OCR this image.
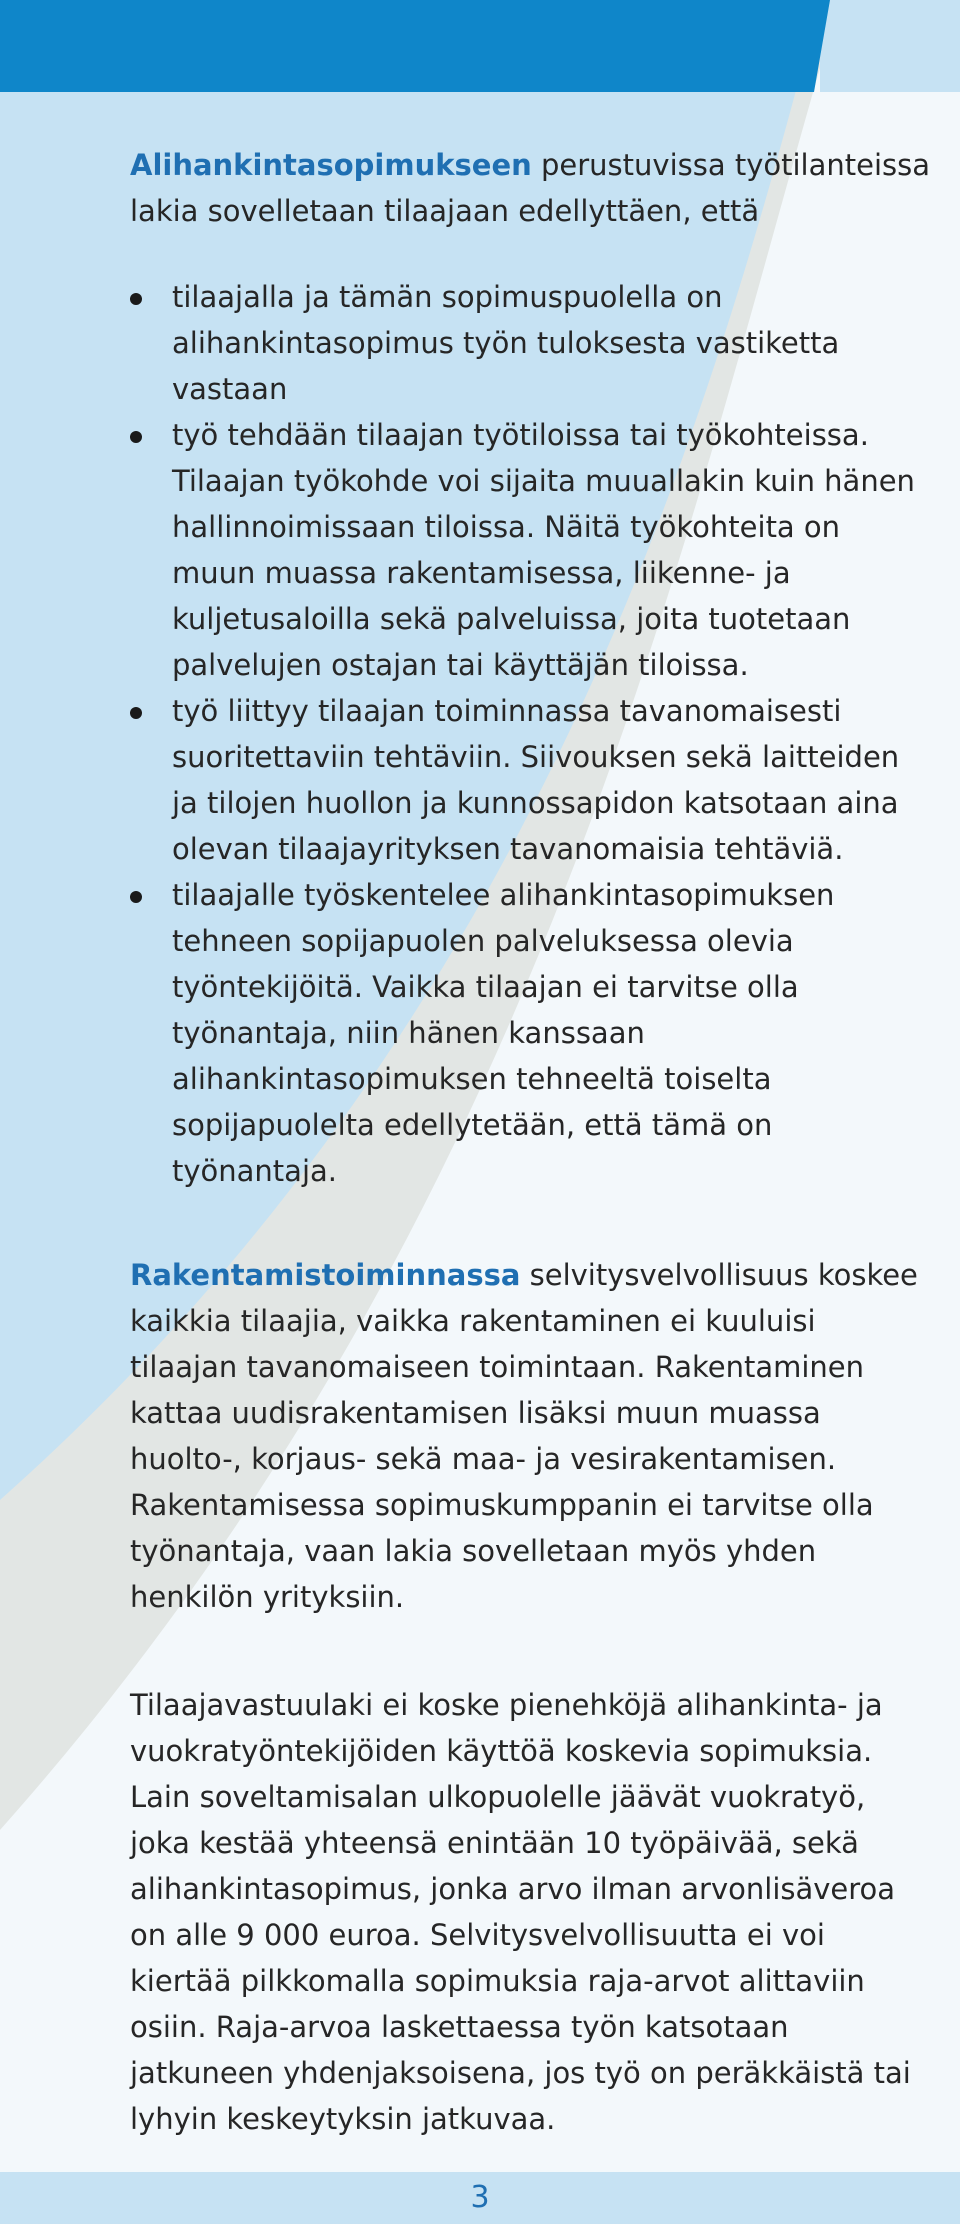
Alihankintasopimukseen perustuvissa työtilanteissa lakia sovelletaan tilaajaan edellyttäen, että

tilaajalla ja tämän sopimuspuolella on alihankintasopimus työn tuloksesta vastiketta vastaan
työ tehdään tilaajan työtiloissa tai työkohteissa. Tilaajan työkohde voi sijaita muuallakin kuin hänen hallinnoimissaan tiloissa. Näitä työkohteita on muun muassa rakentamisessa, liikenne- ja kuljetusaloilla sekä palveluissa, joita tuotetaan palvelujen ostajan tai käyttäjän tiloissa.
työ liittyy tilaajan toiminnassa tavanomaisesti suoritettaviin tehtäviin. Siivouksen sekä laitteiden ja tilojen huollon ja kunnossapidon katsotaan aina olevan tilaajayrityksen tavanomaisia tehtäviä.
tilaajalle työskentelee alihankintasopimuksen tehneen sopijapuolen palveluksessa olevia työntekijöitä. Vaikka tilaajan ei tarvitse olla työnantaja, niin hänen kanssaan alihankintasopimuksen tehneeltä toiselta sopijapuolelta edellytetään, että tämä on työnantaja.

Rakentamistoiminnassa selvitysvelvollisuus koskee kaikkia tilaajia, vaikka rakentaminen ei kuuluisi tilaajan tavanomaiseen toimintaan. Rakentaminen kattaa uudisrakentamisen lisäksi muun muassa huolto-, korjaus- sekä maa- ja vesirakentamisen. Rakentamisessa sopimuskumppanin ei tarvitse olla työnantaja, vaan lakia sovelletaan myös yhden henkilön yrityksiin.

Tilaajavastuulaki ei koske pienehköjä alihankinta- ja vuokratyöntekijöiden käyttöä koskevia sopimuksia. Lain soveltamisalan ulkopuolelle jäävät vuokratyö, joka kestää yhteensä enintään 10 työpäivää, sekä alihankintasopimus, jonka arvo ilman arvonlisäveroa on alle 9 000 euroa. Selvitysvelvollisuutta ei voi kiertää pilkkomalla sopimuksia raja-arvot alittaviin osiin. Raja-arvoa laskettaessa työn katsotaan jatkuneen yhdenjaksoisena, jos työ on peräkkäistä tai lyhyin keskeytyksin jatkuvaa.

3
